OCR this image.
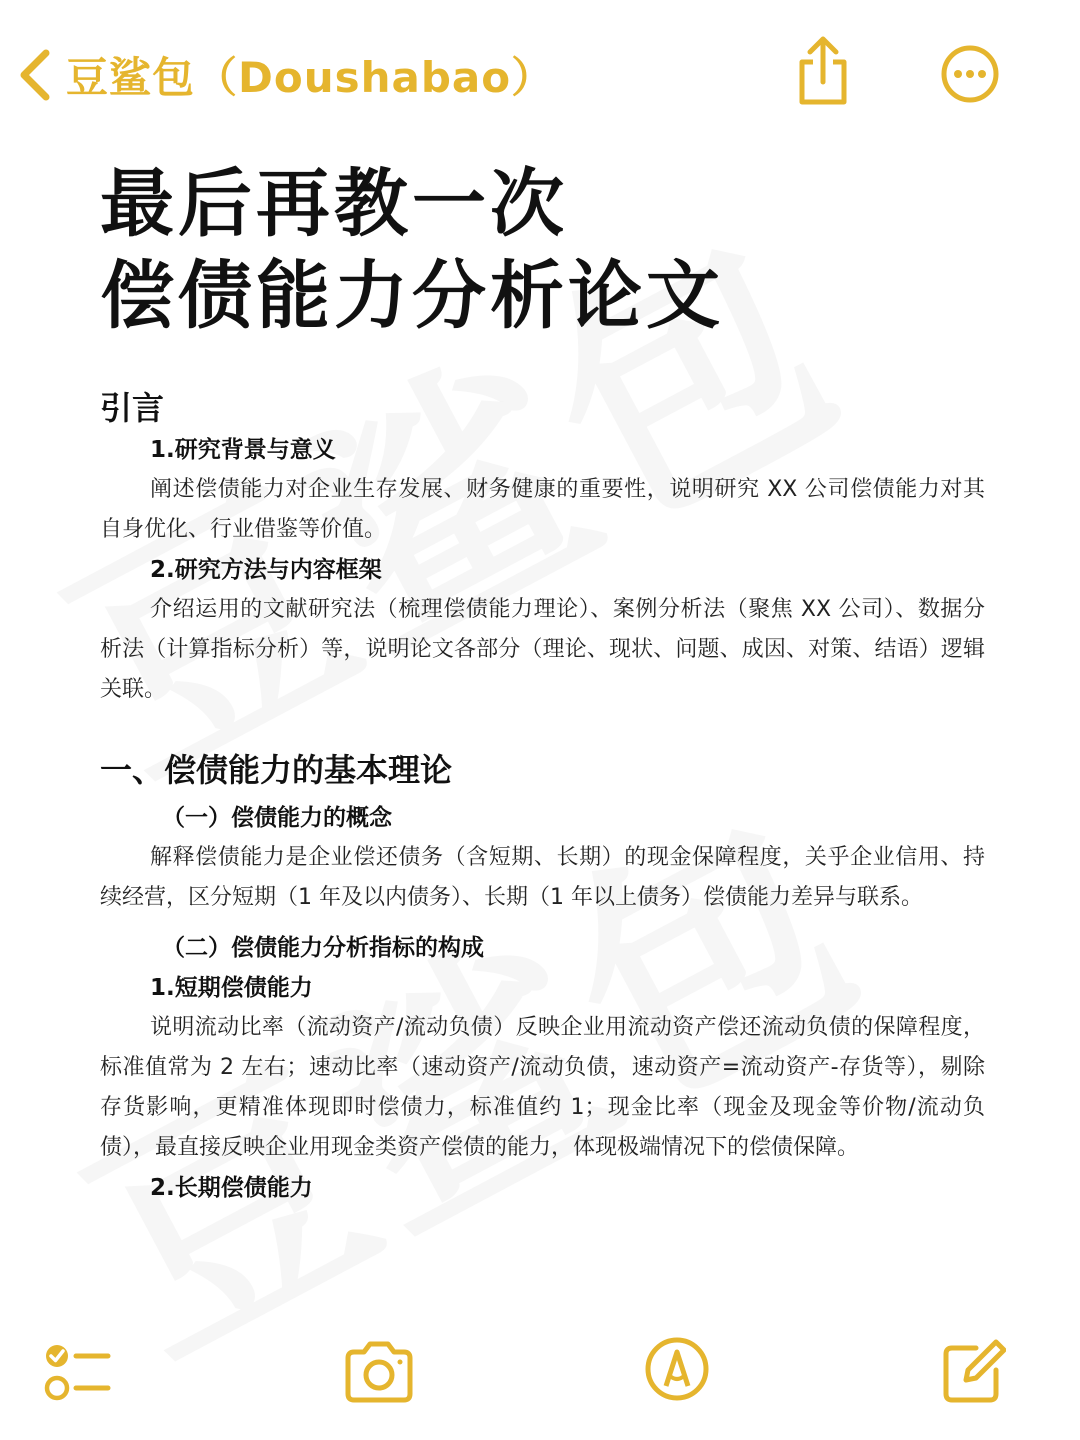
豆鲨包（Doushabao）
最后再教一次
偿债能力分析论文
引言
1.研究背景与意义
阐述偿债能力对企业生存发展、财务健康的重要性，说明研究 XX 公司偿债能力对其自身优化、行业借鉴等价值。
2.研究方法与内容框架
介绍运用的文献研究法（梳理偿债能力理论）、案例分析法（聚焦 XX 公司）、数据分析法（计算指标分析）等，说明论文各部分（理论、现状、问题、成因、对策、结语）逻辑关联。
一、偿债能力的基本理论
（一）偿债能力的概念
解释偿债能力是企业偿还债务（含短期、长期）的现金保障程度，关乎企业信用、持续经营，区分短期（1 年及以内债务）、长期（1 年以上债务）偿债能力差异与联系。
（二）偿债能力分析指标的构成
1.短期偿债能力
说明流动比率（流动资产/流动负债）反映企业用流动资产偿还流动负债的保障程度，标准值常为 2 左右；速动比率（速动资产/流动负债，速动资产=流动资产-存货等），剔除存货影响，更精准体现即时偿债力，标准值约 1；现金比率（现金及现金等价物/流动负债），最直接反映企业用现金类资产偿债的能力，体现极端情况下的偿债保障。
2.长期偿债能力
